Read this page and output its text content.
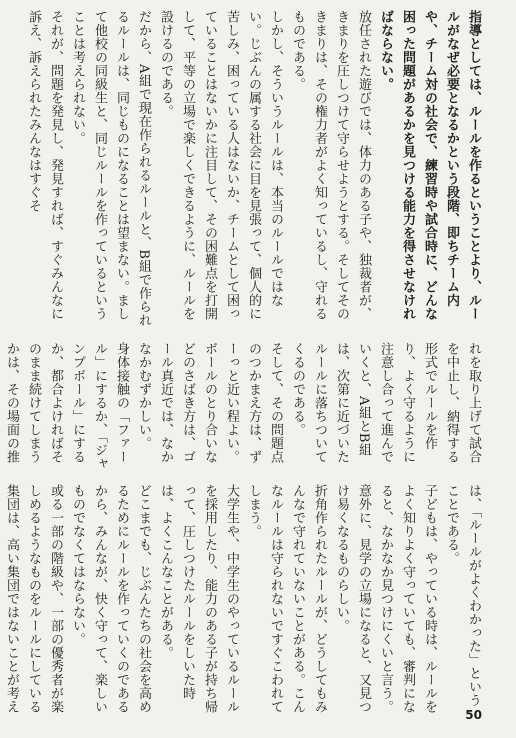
指導としては、ルールを作るということより、ルールがなぜ必要となるかという段階、即ちチーム内や、チーム対の社会で、練習時や試合時に、どんな困った問題があるかを見つける能力を得させなければならない。

放任された遊びでは、体力のある子や、独裁者が、きまりを圧しつけて守らせようとする。そしてそのきまりは、その権力者がよく知っているし、守れるものである。

しかし、そういうルールは、本当のルールではない。じぶんの属する社会に目を見張って、個人的に苦しみ、困っている人はないか、チームとして困っていることはないかに注目して、その困難点を打開して、平等の立場で楽しくできるように、ルールを設けるのである。

だから、A組で現在作られるルールと、B組で作られるルールは、同じものになることは望まない。まして他校の同級生と、同じルールを作っているということは考えられない。

それが、問題を発見し、発見すれば、すぐみんなに訴え、訴えられたみんなはすぐそ

れを取り上げて試合を中止し、納得する形式でルールを作り、よく守るように注意し合って進んでいくと、A組とB組は、次第に近づいたルールに落ちついてくるのである。

そして、その問題点のつかまえ方は、ずーっと近い程よい。ボールのとり合いなどのさばき方は、ゴール真近では、なかなかむずかしい。

身体接触の「ファール」にするか、「ジャンプボール」にするか、都合よければそのまま続けてしまうかは、その場面の推

は、「ルールがよくわかった」ということである。

子どもは、やっている時は、ルールをよく知りよく守っていても、審判になると、なかなか見つけにくいと言う。

意外に、見学の立場になると、又見つけ易くなるものらしい。

折角作られたルールが、どうしてもみんなで守れていないことがある。こんなルールは守られないですぐこわれてしまう。

大学生や、中学生のやっているルールを採用したり、能力のある子が持ち帰って、圧しつけたルールをしいた時は、よくこんなことがある。

どこまでも、じぶんたちの社会を高めるためにルールを作っていくのであるから、みんなが、快く守って、楽しいものでなくてはならない。

或る一部の階級や、一部の優秀者が楽しめるようなものをルールにしている集団は、高い集団ではないことが考え

50
